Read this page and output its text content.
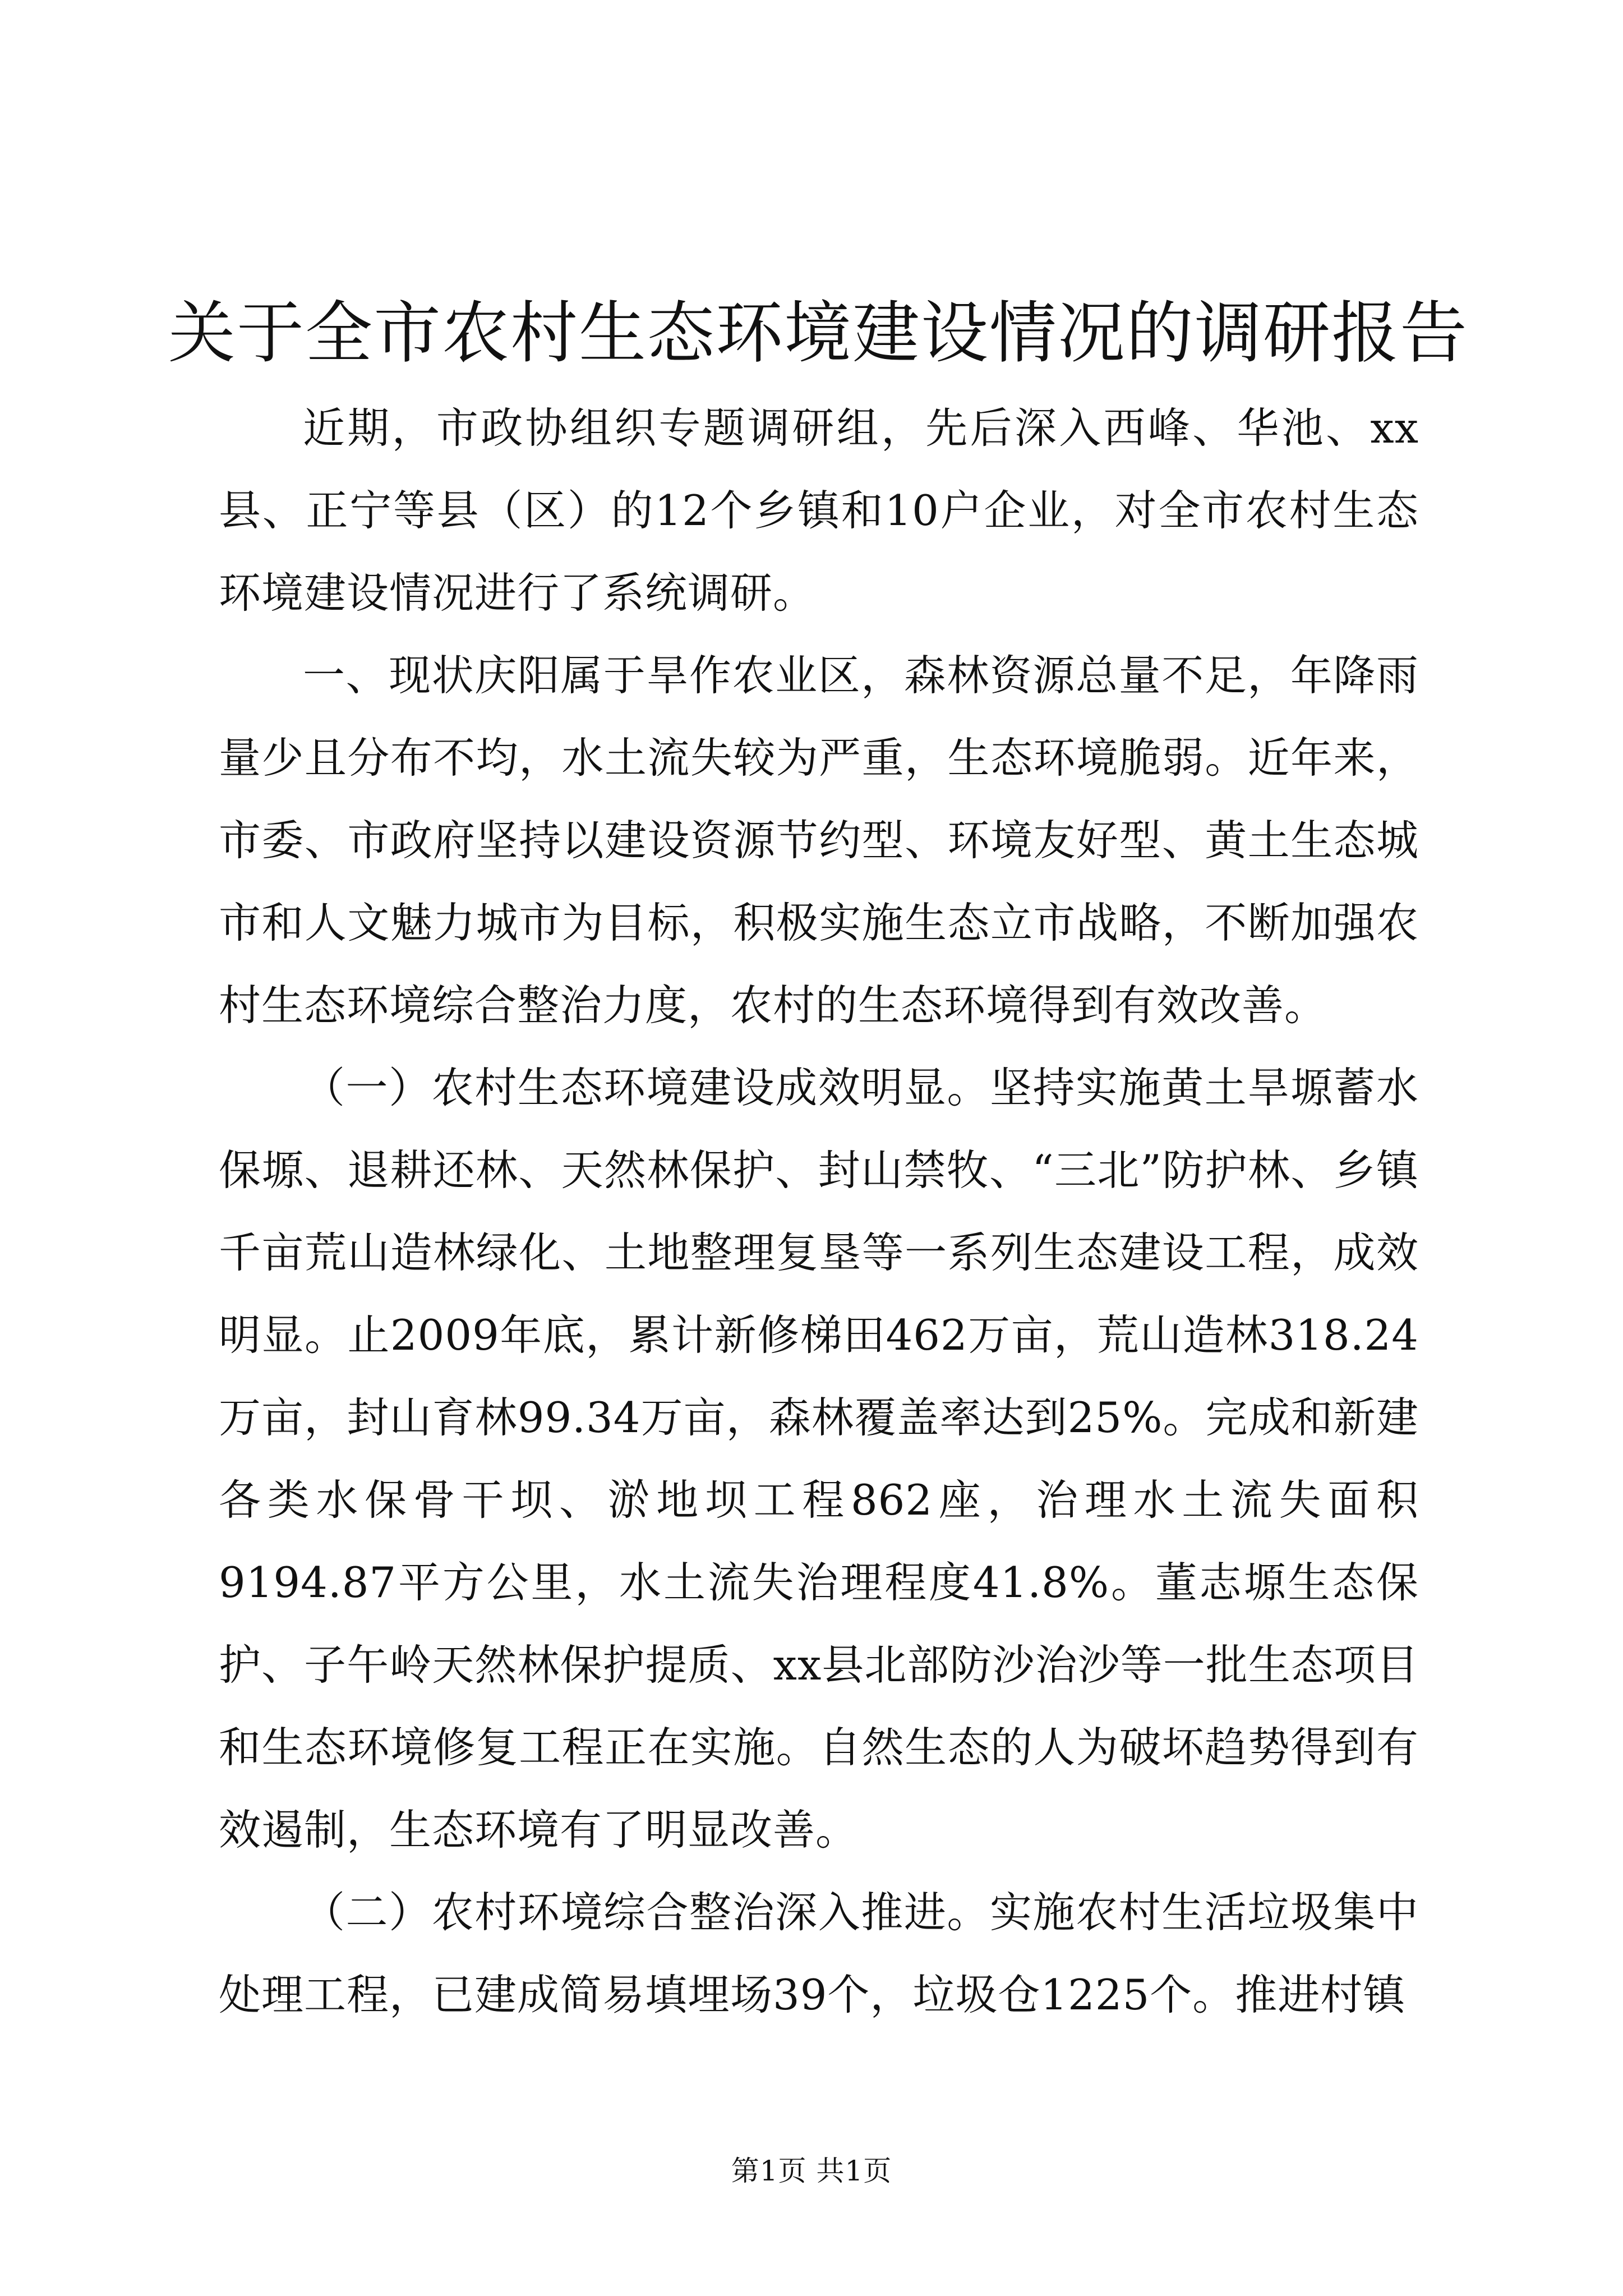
关于全市农村生态环境建设情况的调研报告

近期，市政协组织专题调研组，先后深入西峰、华池、xx县、正宁等县（区）的12个乡镇和10户企业，对全市农村生态环境建设情况进行了系统调研。

一、现状庆阳属于旱作农业区，森林资源总量不足，年降雨量少且分布不均，水土流失较为严重，生态环境脆弱。近年来，市委、市政府坚持以建设资源节约型、环境友好型、黄土生态城市和人文魅力城市为目标，积极实施生态立市战略，不断加强农村生态环境综合整治力度，农村的生态环境得到有效改善。

（一）农村生态环境建设成效明显。坚持实施黄土旱塬蓄水保塬、退耕还林、天然林保护、封山禁牧、“三北”防护林、乡镇千亩荒山造林绿化、土地整理复垦等一系列生态建设工程，成效明显。止2009年底，累计新修梯田462万亩，荒山造林318.24万亩，封山育林99.34万亩，森林覆盖率达到25%。完成和新建各类水保骨干坝、淤地坝工程862座，治理水土流失面积9194.87平方公里，水土流失治理程度41.8%。董志塬生态保护、子午岭天然林保护提质、xx县北部防沙治沙等一批生态项目和生态环境修复工程正在实施。自然生态的人为破坏趋势得到有效遏制，生态环境有了明显改善。

（二）农村环境综合整治深入推进。实施农村生活垃圾集中处理工程，已建成简易填埋场39个，垃圾仓1225个。推进村镇

第1页 共1页
